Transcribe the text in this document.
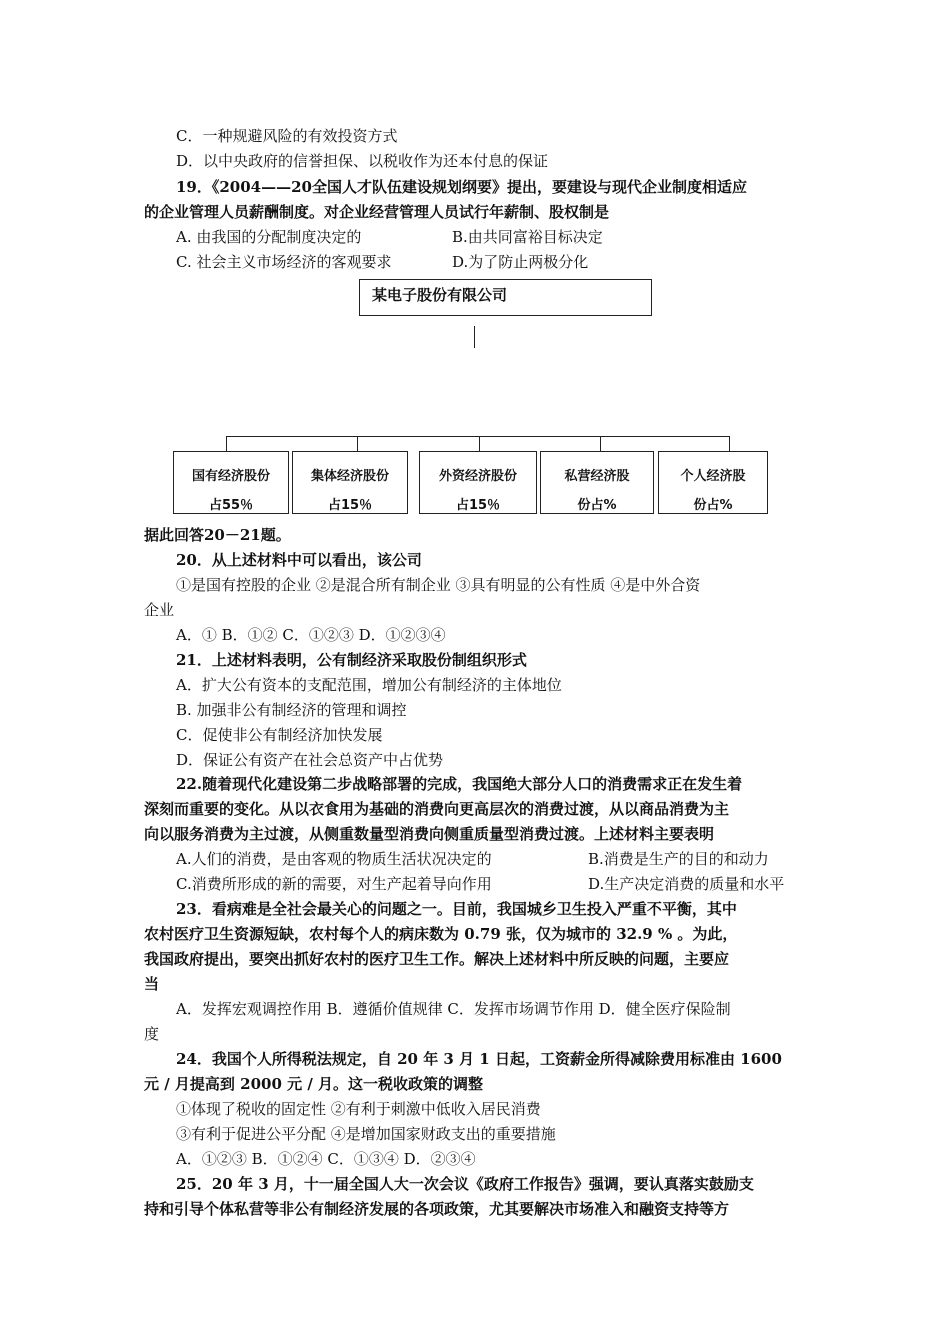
C．一种规避风险的有效投资方式
D．以中央政府的信誉担保、以税收作为还本付息的保证
19．《2004——20全国人才队伍建设规划纲要》提出，要建设与现代企业制度相适应
的企业管理人员薪酬制度。对企业经营管理人员试行年薪制、股权制是
A. 由我国的分配制度决定的	B.由共同富裕目标决定
C. 社会主义市场经济的客观要求	D.为了防止两极分化
某电子股份有限公司
国有经济股份
占55％
集体经济股份
占15％
外资经济股份
占15％
私营经济股
份占%
个人经济股
份占%
据此回答20－21题。
20．从上述材料中可以看出，该公司
①是国有控股的企业 ②是混合所有制企业 ③具有明显的公有性质 ④是中外合资
企业
A．① B．①② C．①②③ D．①②③④
21．上述材料表明，公有制经济采取股份制组织形式
A．扩大公有资本的支配范围，增加公有制经济的主体地位
B. 加强非公有制经济的管理和调控
C．促使非公有制经济加快发展
D．保证公有资产在社会总资产中占优势
22.随着现代化建设第二步战略部署的完成，我国绝大部分人口的消费需求正在发生着
深刻而重要的变化。从以衣食用为基础的消费向更高层次的消费过渡，从以商品消费为主
向以服务消费为主过渡，从侧重数量型消费向侧重质量型消费过渡。上述材料主要表明
A.人们的消费，是由客观的物质生活状况决定的	B.消费是生产的目的和动力
C.消费所形成的新的需要，对生产起着导向作用	D.生产决定消费的质量和水平
23．看病难是全社会最关心的问题之一。目前，我国城乡卫生投入严重不平衡，其中
农村医疗卫生资源短缺，农村每个人的病床数为 0.79 张，仅为城市的 32.9 % 。为此，
我国政府提出，要突出抓好农村的医疗卫生工作。解决上述材料中所反映的问题，主要应
当
A．发挥宏观调控作用 B．遵循价值规律 C．发挥市场调节作用 D．健全医疗保险制
度
24．我国个人所得税法规定，自 20 年 3 月 1 日起，工资薪金所得减除费用标准由 1600
元 / 月提高到 2000 元 / 月。这一税收政策的调整
①体现了税收的固定性 ②有利于刺激中低收入居民消费
③有利于促进公平分配 ④是增加国家财政支出的重要措施
A．①②③ B．①②④ C．①③④ D．②③④
25．20 年 3 月，十一届全国人大一次会议《政府工作报告》强调，要认真落实鼓励支
持和引导个体私营等非公有制经济发展的各项政策，尤其要解决市场准入和融资支持等方
